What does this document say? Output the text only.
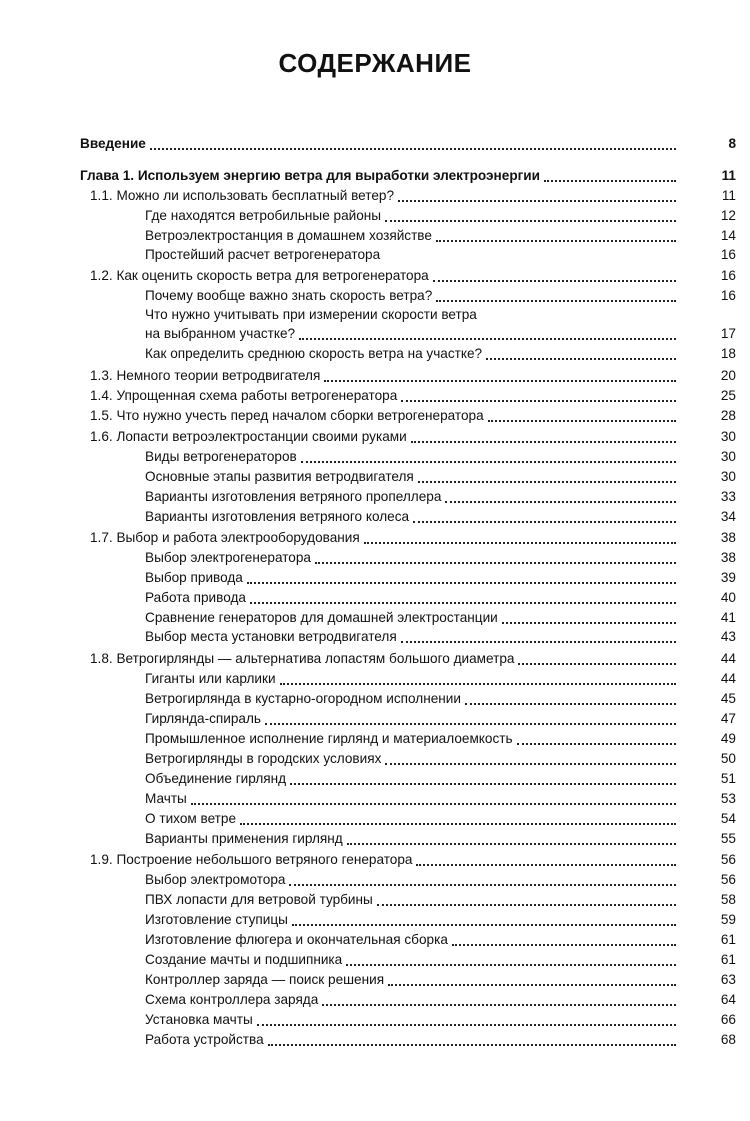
СОДЕРЖАНИЕ
Введение	8
Глава 1. Используем энергию ветра для выработки электроэнергии	11
1.1. Можно ли использовать бесплатный ветер?	11
Где находятся ветробильные районы	12
Ветроэлектростанция в домашнем хозяйстве	14
Простейший расчет ветрогенератора	16
1.2. Как оценить скорость ветра для ветрогенератора	16
Почему вообще важно знать скорость ветра?	16
Что нужно учитывать при измерении скорости ветра
на выбранном участке?	17
Как определить среднюю скорость ветра на участке?	18
1.3. Немного теории ветродвигателя	20
1.4. Упрощенная схема работы ветрогенератора	25
1.5. Что нужно учесть перед началом сборки ветрогенератора	28
1.6. Лопасти ветроэлектростанции своими руками	30
Виды ветрогенераторов	30
Основные этапы развития ветродвигателя	30
Варианты изготовления ветряного пропеллера	33
Варианты изготовления ветряного колеса	34
1.7. Выбор и работа электрооборудования	38
Выбор электрогенератора	38
Выбор привода	39
Работа привода	40
Сравнение генераторов для домашней электростанции	41
Выбор места установки ветродвигателя	43
1.8. Ветрогирлянды — альтернатива лопастям большого диаметра	44
Гиганты или карлики	44
Ветрогирлянда в кустарно-огородном исполнении	45
Гирлянда-спираль	47
Промышленное исполнение гирлянд и материалоемкость	49
Ветрогирлянды в городских условиях	50
Объединение гирлянд	51
Мачты	53
О тихом ветре	54
Варианты применения гирлянд	55
1.9. Построение небольшого ветряного генератора	56
Выбор электромотора	56
ПВХ лопасти для ветровой турбины	58
Изготовление ступицы	59
Изготовление флюгера и окончательная сборка	61
Создание мачты и подшипника	61
Контроллер заряда — поиск решения	63
Схема контроллера заряда	64
Установка мачты	66
Работа устройства	68
